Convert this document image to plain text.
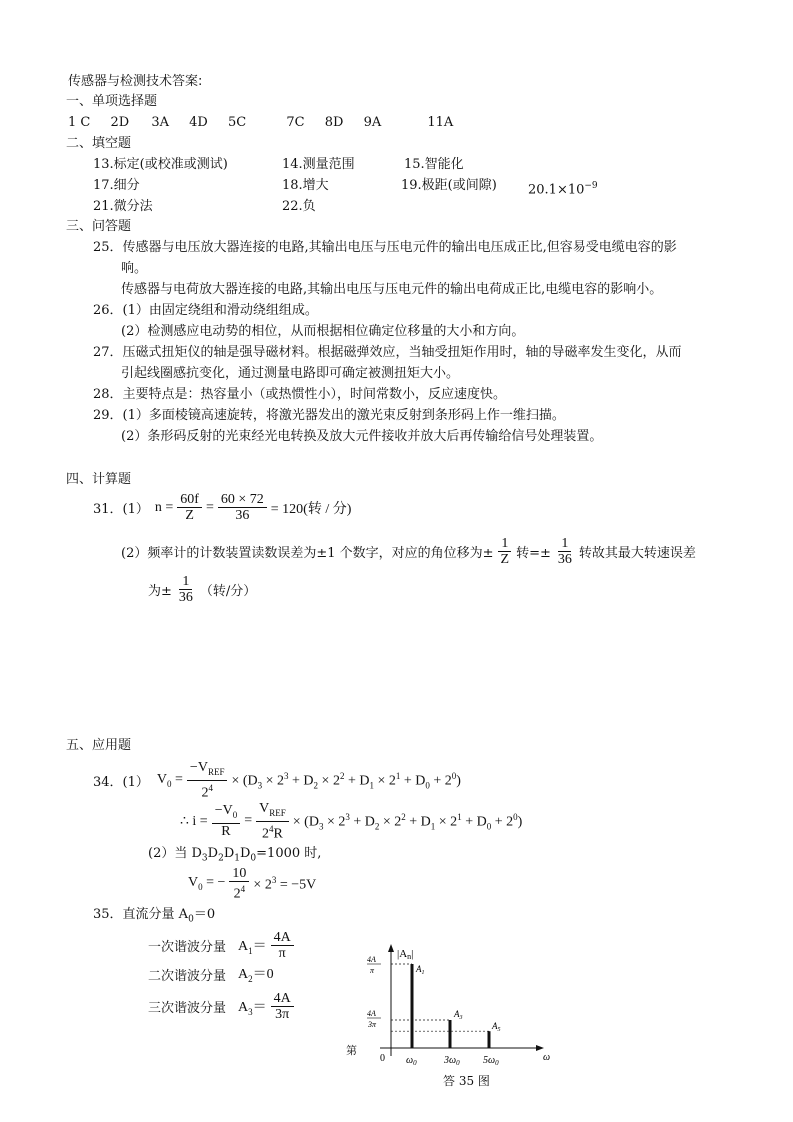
传感器与检测技术答案:
一、单项选择题
1 C 2D 3A 4D 5C	7C 8D 9A	11A
二、填空题
13.标定(或校准或测试)	14.测量范围	15.智能化
17.细分	18.增大	19.极距(或间隙) $20.1\times 10^{-9}$
21.微分法	22.负
三、问答题
25．传感器与电压放大器连接的电路,其输出电压与压电元件的输出电压成正比,但容易受电缆电容的影
响。
传感器与电荷放大器连接的电路,其输出电压与压电元件的输出电荷成正比,电缆电容的影响小。
26．(1）由固定绕组和滑动绕组组成。
(2）检测感应电动势的相位，从而根据相位确定位移量的大小和方向。
27．压磁式扭矩仪的轴是强导磁材料。根据磁弹效应，当轴受扭矩作用时，轴的导磁率发生变化，从而
引起线圈感抗变化，通过测量电路即可确定被测扭矩大小。
28．主要特点是：热容量小（或热惯性小），时间常数小，反应速度快。
29．(1）多面棱镜高速旋转，将激光器发出的激光束反射到条形码上作一维扫描。
(2）条形码反射的光束经光电转换及放大元件接收并放大后再传输给信号处理装置。
四、计算题
31．(1） $n = \frac{60f}{Z} = \frac{60 \times 72}{36} = 120$(转 / 分)
(2）频率计的计数装置读数误差为±1 个数字，对应的角位移为± $\frac{1}{Z}$ 转=± $\frac{1}{36}$ 转故其最大转速误差
为± $\frac{1}{36}$ （转/分）
五、应用题
34．(1） $V_0 = \frac{-V_{REF}}{2^4} \times (D_3 \times 2^3 + D_2 \times 2^2 + D_1 \times 2^1 + D_0 + 2^0)$
∴ $i = \frac{-V_0}{R} = \frac{V_{REF}}{2^4R} \times (D_3 \times 2^3 + D_2 \times 2^2 + D_1 \times 2^1 + D_0 + 2^0)$
(2）当 $D_3D_2D_1D_0=1000$ 时,
$V_0$ = − $\frac{10}{2^4} \times 2^3 = -5V$
35．直流分量 $A_0=0$
一次谐波分量 $A_1= \frac{4A}{\pi}$
二次谐波分量 $A_2=0$
三次谐波分量 $A_3= \frac{4A}{3\pi}$
第
|An|
0	ω
4A
π
4A
3π
$\omega_0$	$3\omega_0$ $5\omega_0$
$A_1$
$A_3$
$A_5$
答 35 图
